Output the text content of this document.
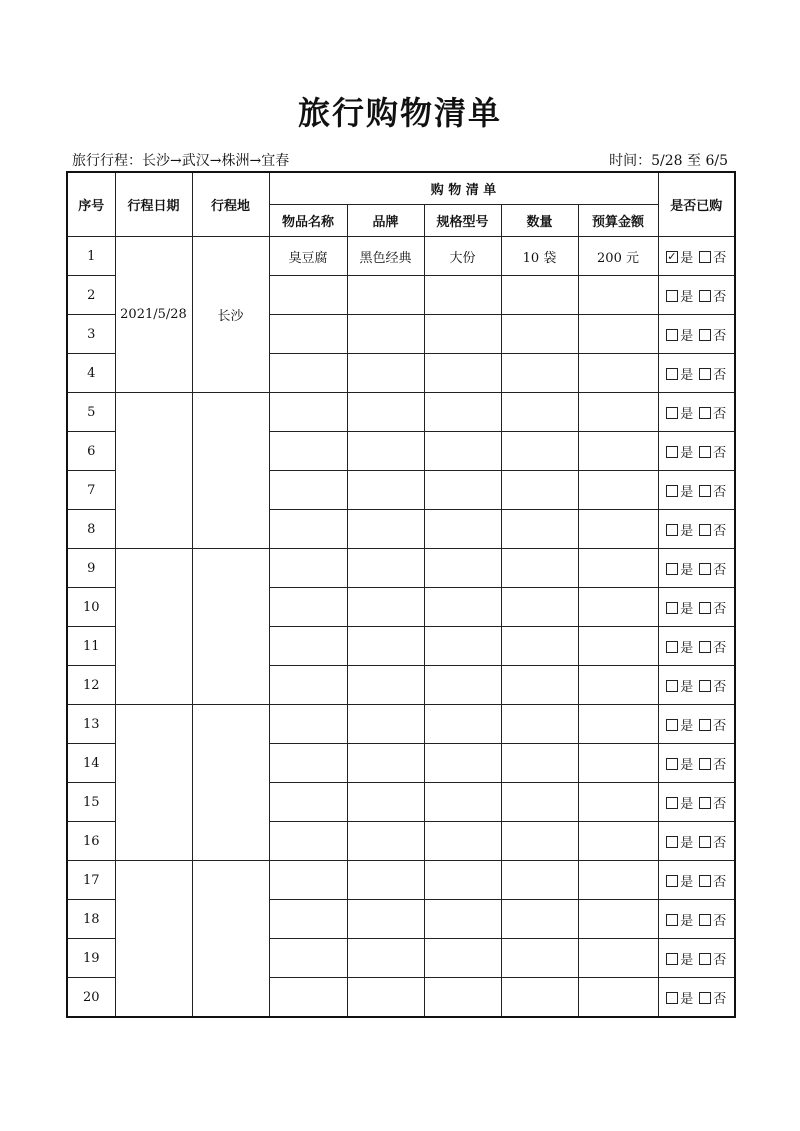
旅行购物清单
旅行行程：长沙→武汉→株洲→宜春	时间：5/28 至 6/5
序号	行程日期	行程地	购 物 清 单					是否已购
			物品名称	品牌	规格型号	数量	预算金额	
1	2021/5/28	长沙	臭豆腐	黑色经典	大份	10 袋	200 元	✓是 否
2								是 否
3								是 否
4								是 否
5								是 否
6								是 否
7								是 否
8								是 否
9								是 否
10								是 否
11								是 否
12								是 否
13								是 否
14								是 否
15								是 否
16								是 否
17								是 否
18								是 否
19								是 否
20								是 否
